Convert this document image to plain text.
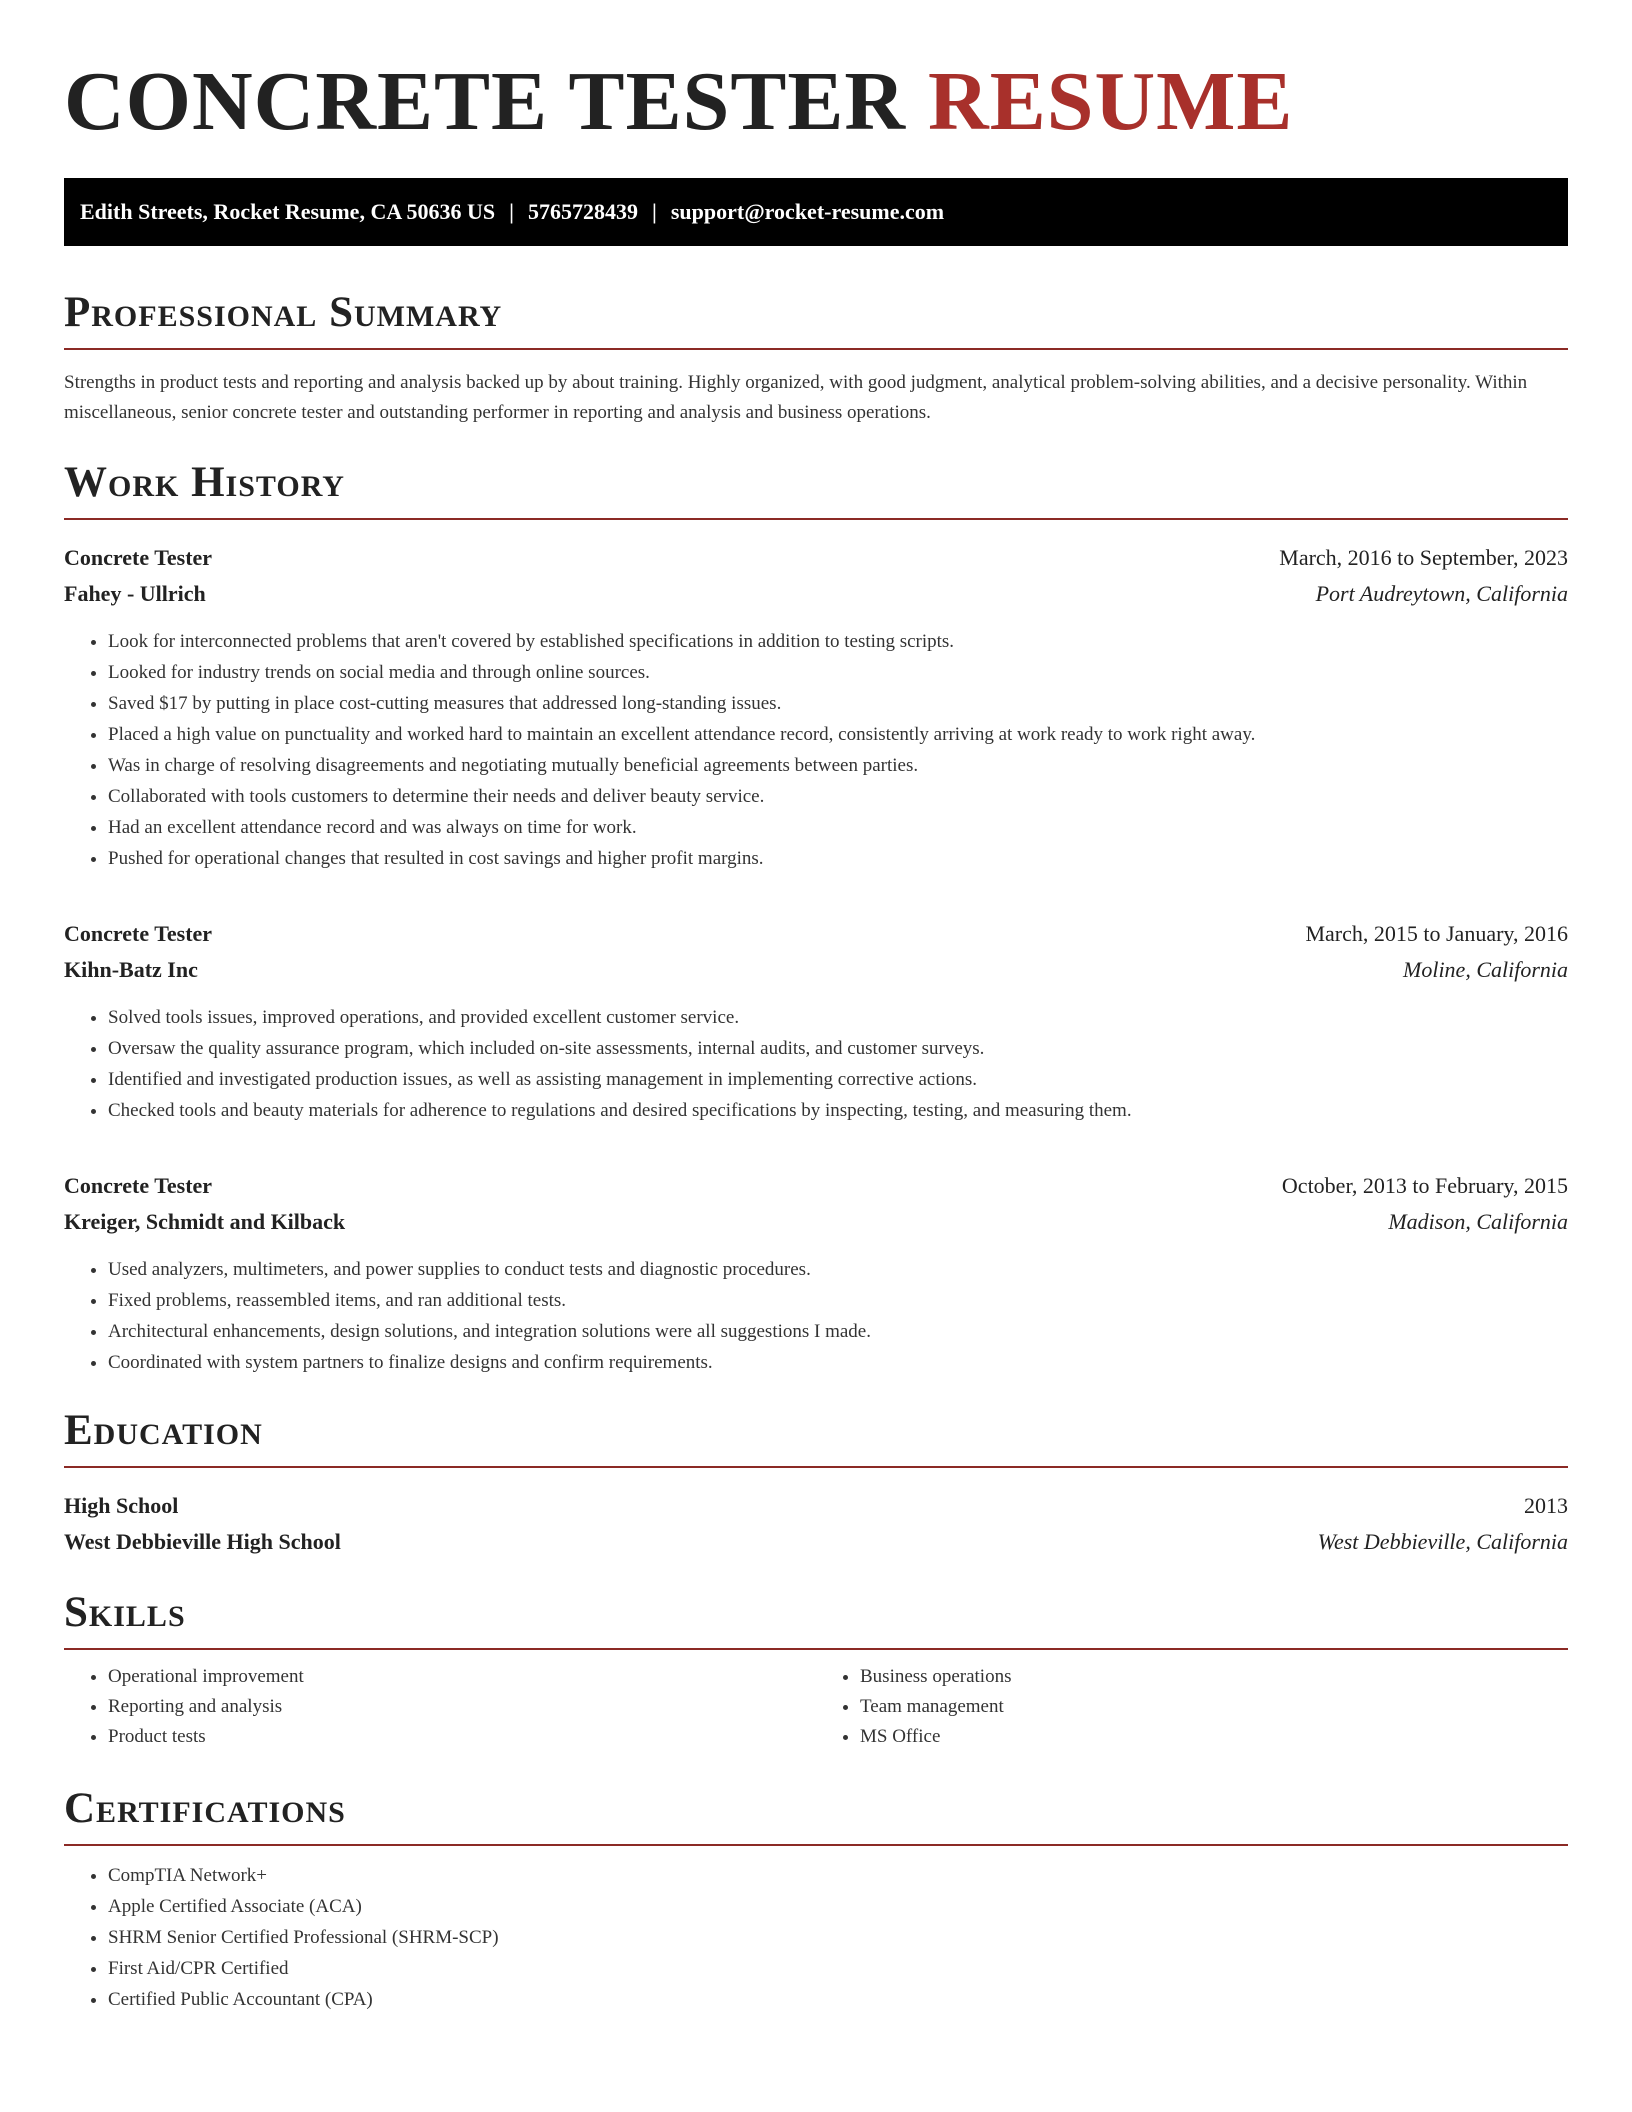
CONCRETE TESTER RESUME
Edith Streets, Rocket Resume, CA 50636 US | 5765728439 | support@rocket-resume.com
Professional Summary

Strengths in product tests and reporting and analysis backed up by about training. Highly organized, with good judgment, analytical problem-solving abilities, and a decisive personality. Within miscellaneous, senior concrete tester and outstanding performer in reporting and analysis and business operations.

Work History
Concrete Tester	March, 2016 to September, 2023
Fahey - Ullrich	Port Audreytown, California
• Look for interconnected problems that aren't covered by established specifications in addition to testing scripts.
• Looked for industry trends on social media and through online sources.
• Saved $17 by putting in place cost-cutting measures that addressed long-standing issues.
• Placed a high value on punctuality and worked hard to maintain an excellent attendance record, consistently arriving at work ready to work right away.
• Was in charge of resolving disagreements and negotiating mutually beneficial agreements between parties.
• Collaborated with tools customers to determine their needs and deliver beauty service.
• Had an excellent attendance record and was always on time for work.
• Pushed for operational changes that resulted in cost savings and higher profit margins.
Concrete Tester	March, 2015 to January, 2016
Kihn-Batz Inc	Moline, California
• Solved tools issues, improved operations, and provided excellent customer service.
• Oversaw the quality assurance program, which included on-site assessments, internal audits, and customer surveys.
• Identified and investigated production issues, as well as assisting management in implementing corrective actions.
• Checked tools and beauty materials for adherence to regulations and desired specifications by inspecting, testing, and measuring them.
Concrete Tester	October, 2013 to February, 2015
Kreiger, Schmidt and Kilback	Madison, California
• Used analyzers, multimeters, and power supplies to conduct tests and diagnostic procedures.
• Fixed problems, reassembled items, and ran additional tests.
• Architectural enhancements, design solutions, and integration solutions were all suggestions I made.
• Coordinated with system partners to finalize designs and confirm requirements.
Education
High School	2013
West Debbieville High School	West Debbieville, California
Skills
• Operational improvement
• Reporting and analysis
• Product tests
• Business operations
• Team management
• MS Office
Certifications
• CompTIA Network+
• Apple Certified Associate (ACA)
• SHRM Senior Certified Professional (SHRM-SCP)
• First Aid/CPR Certified
• Certified Public Accountant (CPA)
